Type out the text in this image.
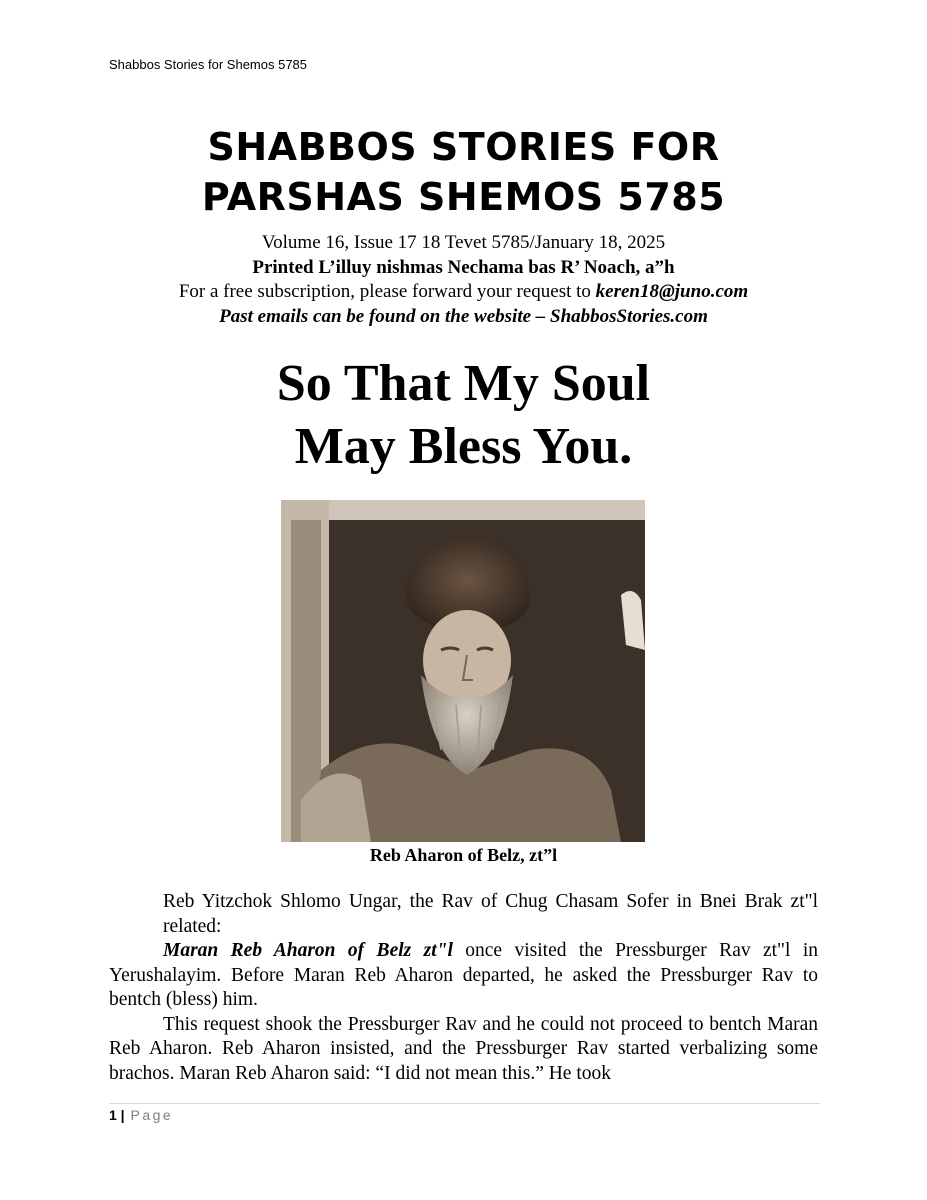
Shabbos Stories for Shemos 5785
SHABBOS STORIES FOR
PARSHAS SHEMOS 5785
Volume 16, Issue 17 18 Tevet 5785/January 18, 2025
Printed L’illuy nishmas Nechama bas R’ Noach, a”h
For a free subscription, please forward your request to keren18@juno.com
Past emails can be found on the website – ShabbosStories.com
So That My Soul
May Bless You.
Reb Aharon of Belz, zt”l

Reb Yitzchok Shlomo Ungar, the Rav of Chug Chasam Sofer in Bnei Brak zt"l related:

Maran Reb Aharon of Belz zt"l once visited the Pressburger Rav zt"l in Yerushalayim. Before Maran Reb Aharon departed, he asked the Pressburger Rav to bentch (bless) him.

This request shook the Pressburger Rav and he could not proceed to bentch Maran Reb Aharon. Reb Aharon insisted, and the Pressburger Rav started verbalizing some brachos. Maran Reb Aharon said: “I did not mean this.” He took

1 | Page
